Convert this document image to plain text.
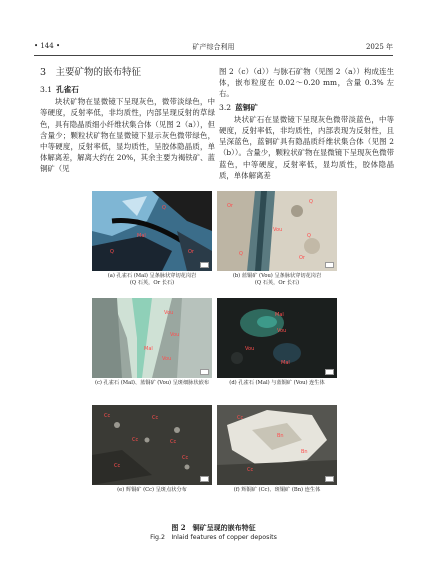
• 144 •	矿产综合利用	2025 年
3　主要矿物的嵌布特征
3.1 孔雀石

块状矿物在显微镜下呈现灰色，微带淡绿色，中等硬度，反射率低，非均质性，内部呈现反射的草绿色，具有隐晶质细小纤维状集合体（见图 2（a）），但含量少；颗粒状矿物在显微镜下显示灰色微带绿色，中等硬度，反射率低，显均质性，呈胶体隐晶质，单体解离差，解离大约在 20%，其余主要为褐铁矿、蓝铜矿（见

图 2（c）（d））与脉石矿物（见图 2（a））构成连生体，嵌布粒度在 0.02～0.20 mm，含量 0.3% 左右。

3.2 蓝铜矿

块状矿石在显微镜下呈现灰色微带淡蓝色，中等硬度，反射率低，非均质性，内部表现为反射性，且呈深蓝色，蓝铜矿具有隐晶质纤维状集合体（见图 2（b））。含量少，颗粒状矿物在显微镜下呈现灰色微带蓝色，中等硬度，反射率低，显均质性，胶体隐晶质，单体解离差

Q
Mal
Q	Or
(a) 孔雀石 (Mal) 呈条脉状穿切花岗岩
(Q 石英，Or 长石)
Or
Q
Vou
Q
Q
Or
(b) 蓝铜矿 (Vou) 呈条脉状穿切花岗岩
(Q 石英，Or 长石)
Vou
Vou
Mal
Vou
(c) 孔雀石 (Mal)、蓝铜矿 (Vou) 呈斑细脉状嵌布
Mal
Vou
Vou
Mal
(d) 孔雀石 (Mal) 与蓝铜矿 (Vou) 连生体
Cc	Cc
Cc	Cc
Cc
Cc
(e) 辉铜矿 (Cc) 呈斑点状分布
Cc
Bn
Bn
Cc
(f) 辉铜矿 (Cc)、斑铜矿 (Bn) 连生体
图 2　铜矿呈现的嵌布特征
Fig.2　Inlaid features of copper deposits
